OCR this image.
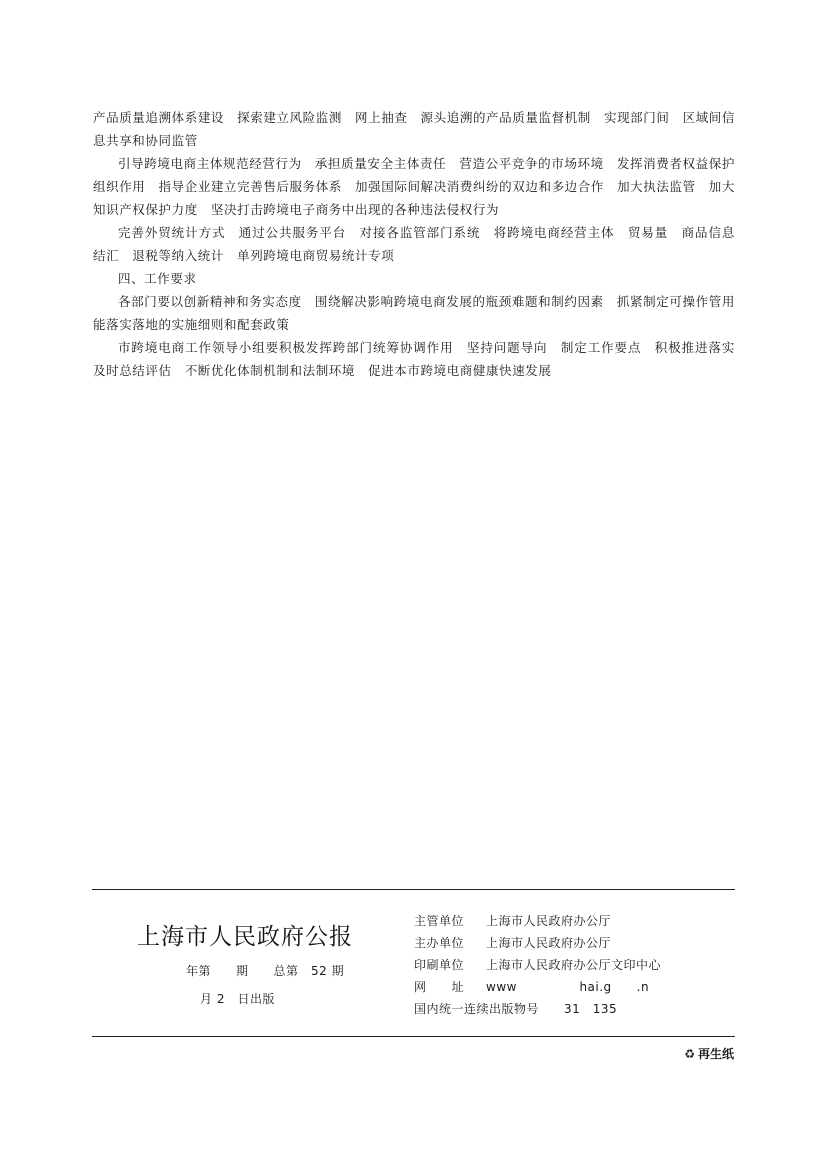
产品质量追溯体系建设　探索建立风险监测　网上抽查　源头追溯的产品质量监督机制　实现部门间　区域间信息共享和协同监管

引导跨境电商主体规范经营行为　承担质量安全主体责任　营造公平竞争的市场环境　发挥消费者权益保护组织作用　指导企业建立完善售后服务体系　加强国际间解决消费纠纷的双边和多边合作　加大执法监管　加大知识产权保护力度　坚决打击跨境电子商务中出现的各种违法侵权行为

完善外贸统计方式　通过公共服务平台　对接各监管部门系统　将跨境电商经营主体　贸易量　商品信息　结汇　退税等纳入统计　单列跨境电商贸易统计专项

四、工作要求

各部门要以创新精神和务实态度　围绕解决影响跨境电商发展的瓶颈难题和制约因素　抓紧制定可操作管用　能落实落地的实施细则和配套政策

市跨境电商工作领导小组要积极发挥跨部门统筹协调作用　坚持问题导向　制定工作要点　积极推进落实　及时总结评估　不断优化体制机制和法制环境　促进本市跨境电商健康快速发展

上海市人民政府公报
年第　　期　　总第　52 期
月 2　日出版
主管单位	上海市人民政府办公厅
主办单位	上海市人民政府办公厅
印刷单位	上海市人民政府办公厅文印中心
网　　址	www　　　　　hai.g　　.n
国内统一连续出版物号	31　135
♻ 再生纸
